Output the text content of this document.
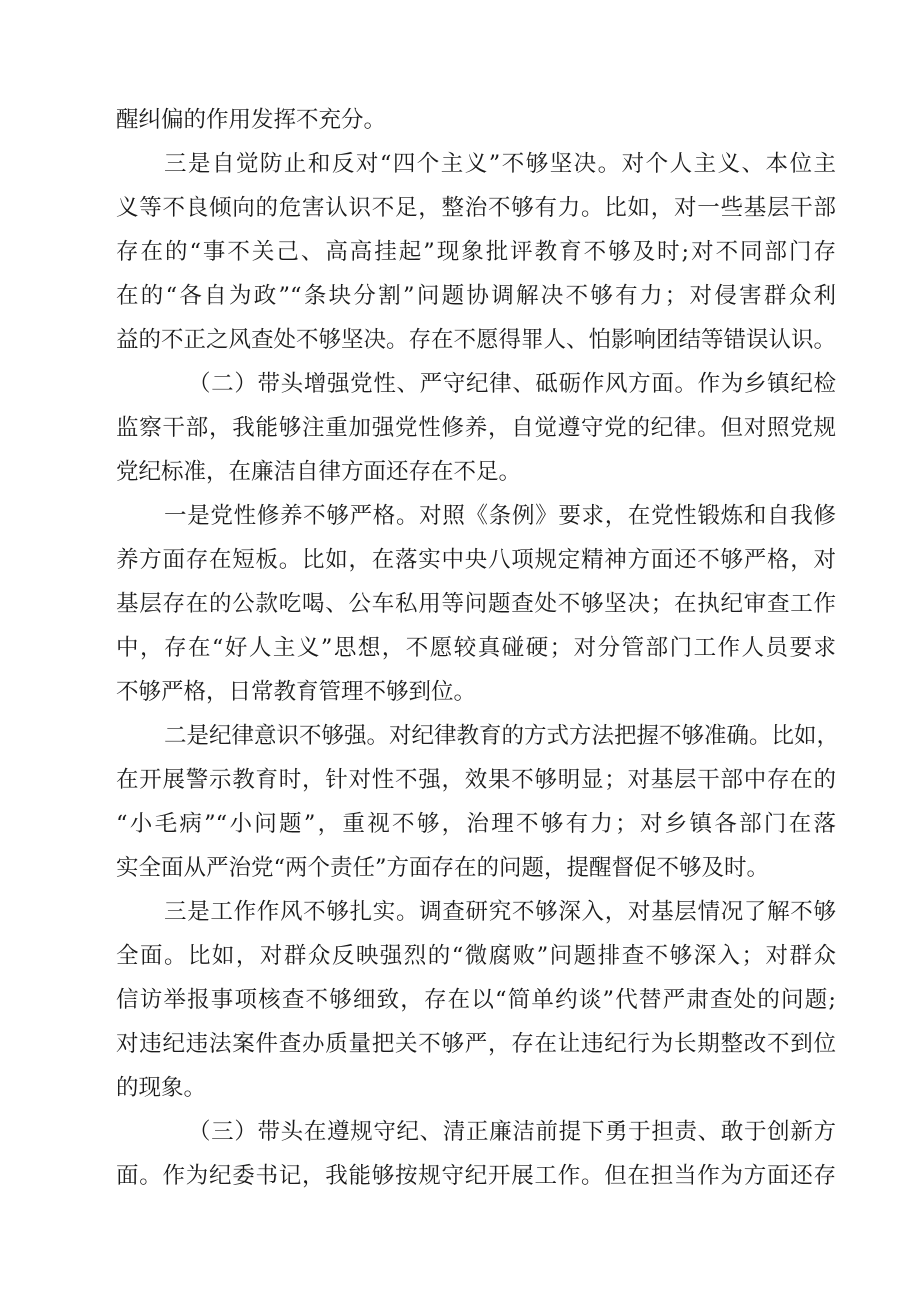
醒纠偏的作用发挥不充分。
三是自觉防止和反对“四个主义”不够坚决。对个人主义、本位主
义等不良倾向的危害认识不足，整治不够有力。比如，对一些基层干部
存在的“事不关己、高高挂起”现象批评教育不够及时;对不同部门存
在的“各自为政”“条块分割”问题协调解决不够有力；对侵害群众利
益的不正之风查处不够坚决。存在不愿得罪人、怕影响团结等错误认识。
（二）带头增强党性、严守纪律、砥砺作风方面。作为乡镇纪检
监察干部，我能够注重加强党性修养，自觉遵守党的纪律。但对照党规
党纪标准，在廉洁自律方面还存在不足。
一是党性修养不够严格。对照《条例》要求，在党性锻炼和自我修
养方面存在短板。比如，在落实中央八项规定精神方面还不够严格，对
基层存在的公款吃喝、公车私用等问题查处不够坚决；在执纪审查工作
中，存在“好人主义”思想，不愿较真碰硬；对分管部门工作人员要求
不够严格，日常教育管理不够到位。
二是纪律意识不够强。对纪律教育的方式方法把握不够准确。比如，
在开展警示教育时，针对性不强，效果不够明显；对基层干部中存在的
“小毛病”“小问题”，重视不够，治理不够有力；对乡镇各部门在落
实全面从严治党“两个责任”方面存在的问题，提醒督促不够及时。
三是工作作风不够扎实。调查研究不够深入，对基层情况了解不够
全面。比如，对群众反映强烈的“微腐败”问题排查不够深入；对群众
信访举报事项核查不够细致，存在以“简单约谈”代替严肃查处的问题;
对违纪违法案件查办质量把关不够严，存在让违纪行为长期整改不到位
的现象。
（三）带头在遵规守纪、清正廉洁前提下勇于担责、敢于创新方
面。作为纪委书记，我能够按规守纪开展工作。但在担当作为方面还存
